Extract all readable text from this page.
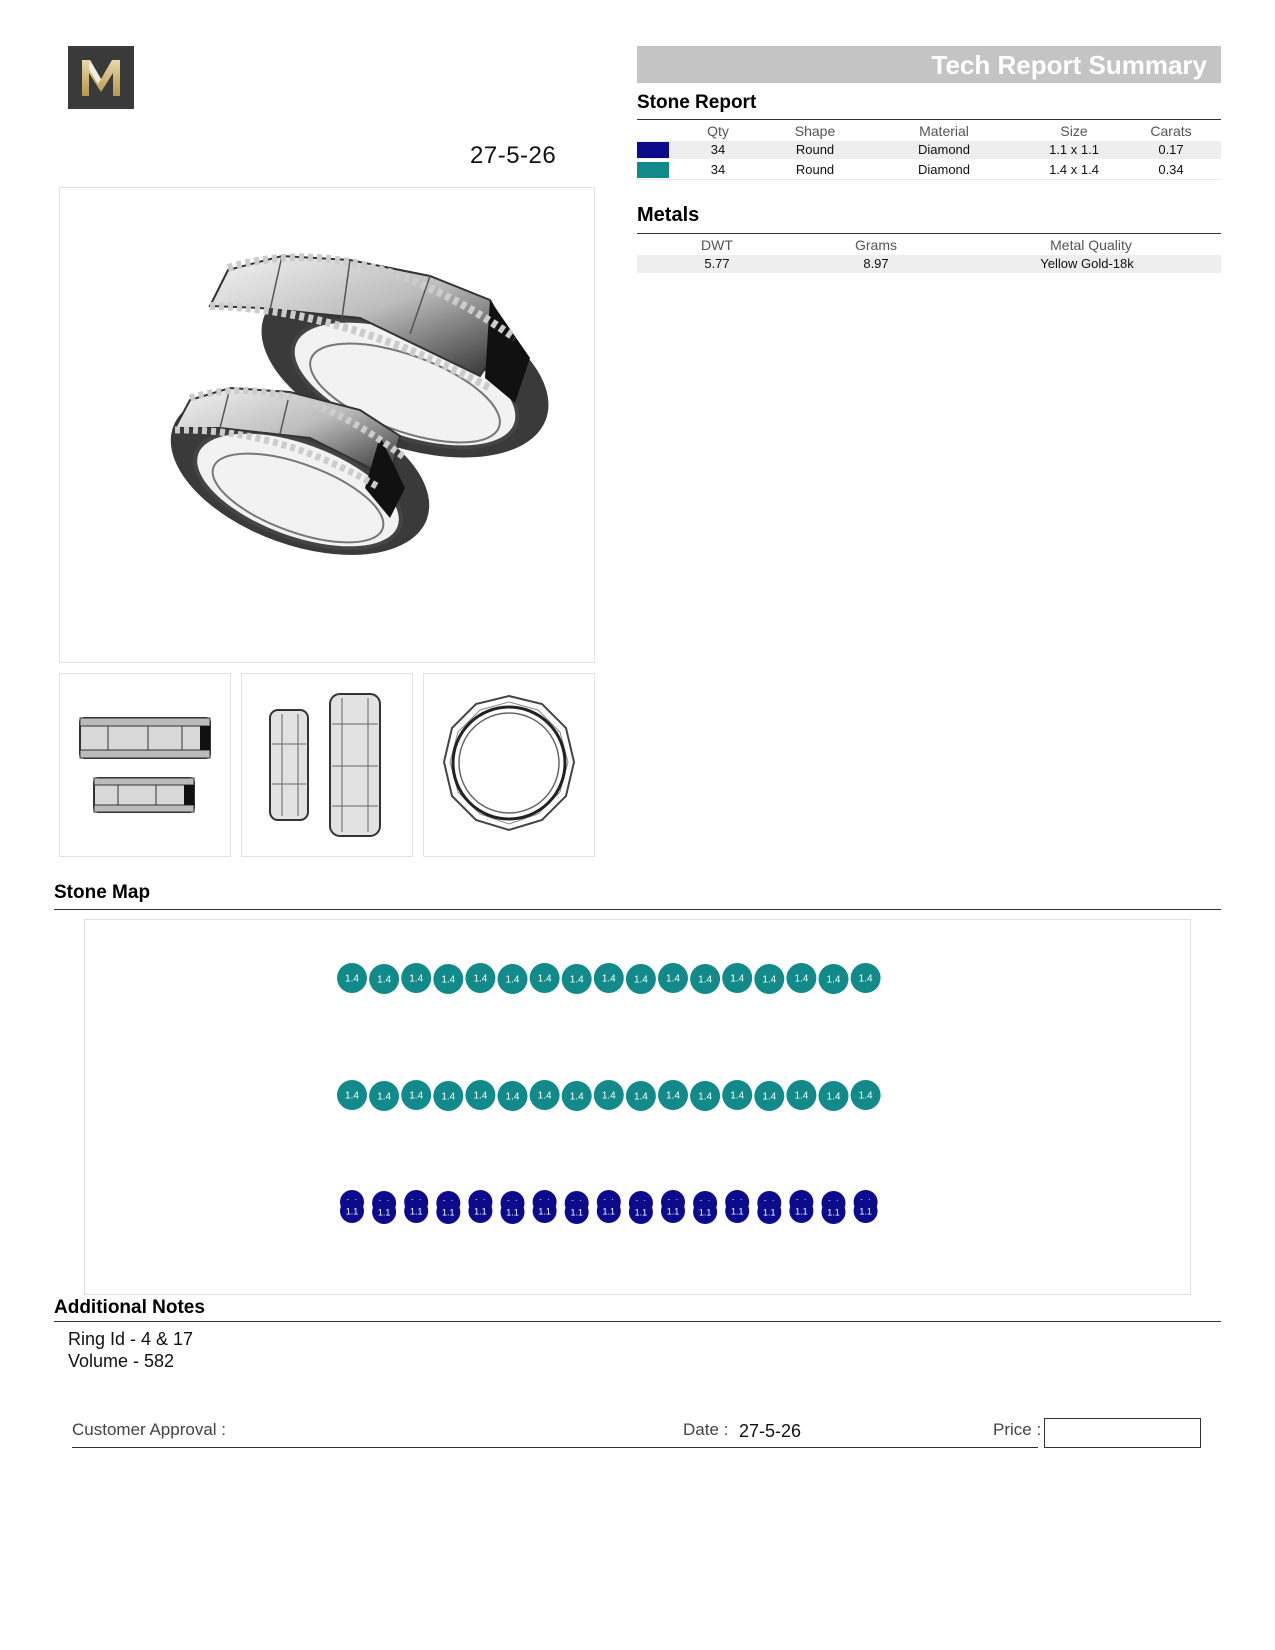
27-5-26
Tech Report Summary
Stone Report
Qty	Shape	Material	Size	Carats
34	Round	Diamond	1.1 x 1.1	0.17
34	Round	Diamond	1.4 x 1.4	0.34
Metals
DWT	Grams	Metal Quality
5.77	8.97	Yellow Gold-18k
Stone Map
1.4 1.4 1.4 1.4 1.4 1.4 1.4 1.4 1.4 1.4 1.4 1.4 1.4 1.4 1.4 1.4 1.4
1.4 1.4 1.4 1.4 1.4 1.4 1.4 1.4 1.4 1.4 1.4 1.4 1.4 1.4 1.4 1.4 1.4
1.1 1.1 1.1 1.1 1.1 1.1 1.1 1.1 1.1 1.1 1.1 1.1 1.1 1.1 1.1 1.1 1.1
Additional Notes
Ring Id - 4 & 17
Volume - 582
Customer Approval :	Date : 27-5-26	Price :
